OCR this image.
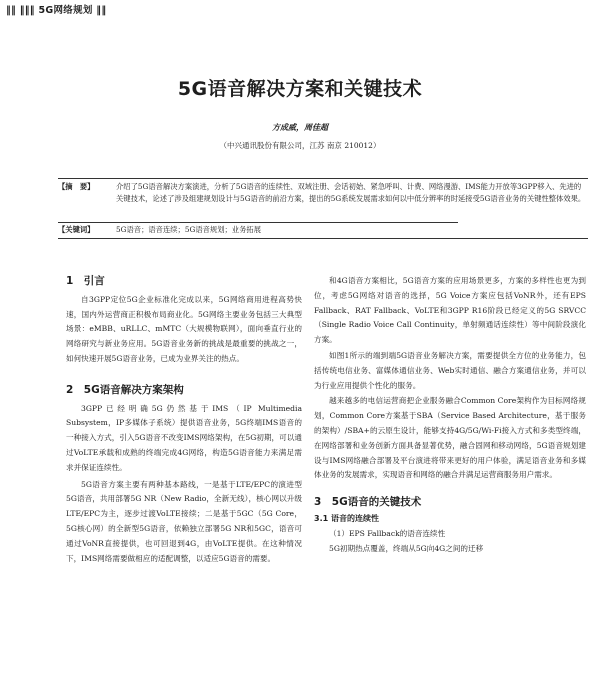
‖‖ ‖‖‖ 5G网络规划 ‖‖
5G语音解决方案和关键技术
方成威，周佳超
（中兴通讯股份有限公司，江苏 南京 210012）
【摘　要】	介绍了5G语音解决方案演进，分析了5G语音的连续性、双域注册、会话初始、紧急呼叫、计费、网络漫游、IMS能力开放等3GPP移入、先进的关键技术，论述了涉及组建规划设计与5G语音的前沿方案，提出的5G系统发展需求如何以中低分辨率的时延接受5G语音业务的关键性整体效果。
【关键词】	5G语音；语音连续；5G语音规划；业务拓展
1　引言

自3GPP定位5G企业标准化完成以来，5G网络商用进程高势快速，国内外运营商正积极布局商业化。5G网络主要业务包括三大典型场景：eMBB、uRLLC、mMTC（大规模物联网），面向垂直行业的网络研究与新业务应用。5G语音业务新的挑战是最重要的挑战之一，如何快速开展5G语音业务，已成为业界关注的热点。

2　5G语音解决方案架构

3GPP已经明确5G仍然基于IMS（IP Multimedia Subsystem，IP多媒体子系统）提供语音业务，5G终端IMS语音的一种接入方式，引入5G语音不改变IMS网络架构，在5G初期，可以通过VoLTE承载和成熟的终端完成4G网络，构造5G语音能力来满足需求并保证连续性。

5G语音方案主要有两种基本路线，一是基于LTE/EPC的演进型5G语音，共用部署5G NR（New Radio，全新无线），核心网以升级LTE/EPC为主，逐步过渡VoLTE接续；二是基于5GC（5G Core，5G核心网）的全新型5G语音，依赖独立部署5G NR和5GC，语音可通过VoNR直接提供，也可回退到4G，由VoLTE提供。在这种情况下，IMS网络需要做相应的适配调整，以适应5G语音的需要。

和4G语音方案相比，5G语音方案的应用场景更多，方案的多样性也更为到位，考虑5G网络对语音的选择，5G Voice方案应包括VoNR外，还有EPS Fallback、RAT Fallback、VoLTE和3GPP R16阶段已经定义的5G SRVCC（Single Radio Voice Call Continuity，单射频通话连续性）等中间阶段演化方案。

如图1所示的端到端5G语音业务解决方案，需要提供全方位的业务能力，包括传统电信业务、富媒体通信业务、Web实时通信、融合方案通信业务，并可以为行业应用提供个性化的服务。

越来越多的电信运营商把企业服务融合Common Core架构作为目标网络规划，Common Core方案基于SBA（Service Based Architecture，基于服务的架构）/SBA+的云原生设计，能够支持4G/5G/Wi-Fi接入方式和多类型终端，在网络部署和业务创新方面具备显著优势，融合固网和移动网络，5G语音规划建设与IMS网络融合部署及平台演进将带来更好的用户体验，满足语音业务和多媒体业务的发展需求，实现语音和网络的融合并满足运营商服务用户需求。

3　5G语音的关键技术
3.1 语音的连续性

（1）EPS Fallback的语音连续性

5G初期热点覆盖，终端从5G向4G之间的迁移
